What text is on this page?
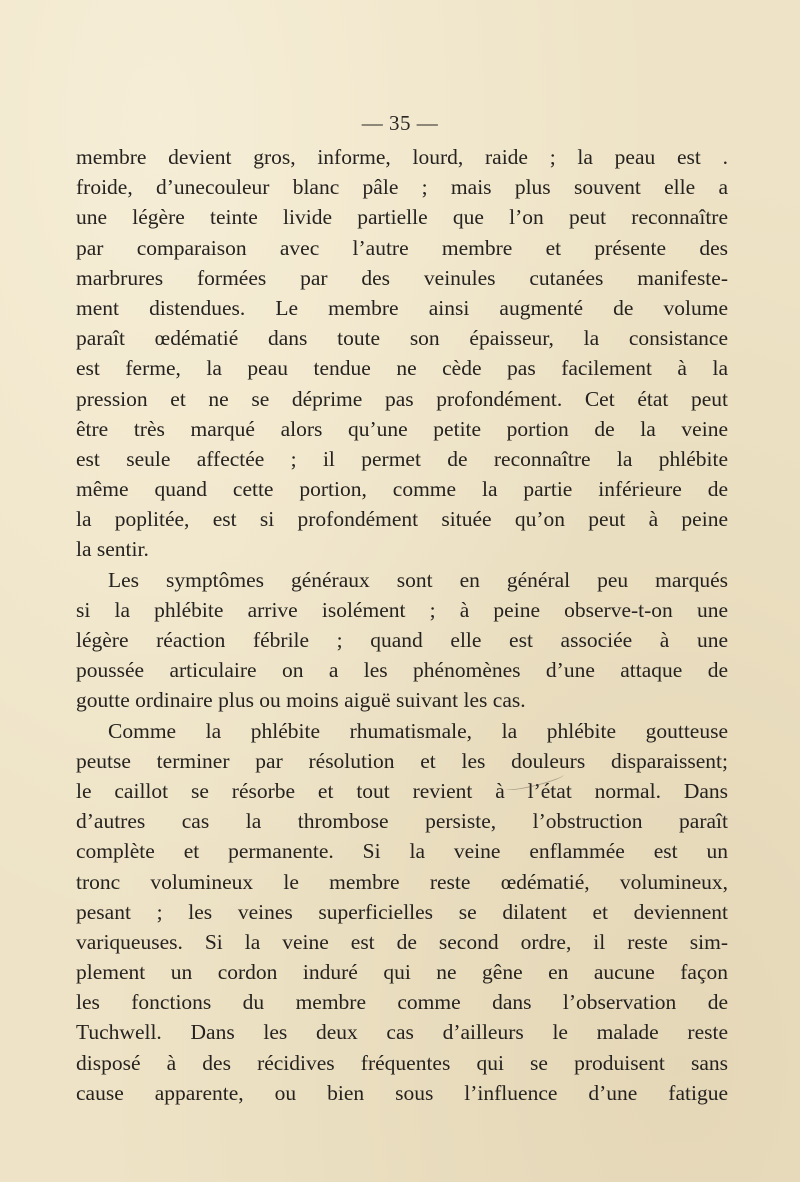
— 35 —
membre devient gros, informe, lourd, raide ; la peau est .
froide, d’unecouleur blanc pâle ; mais plus souvent elle a
une légère teinte livide partielle que l’on peut reconnaître
par comparaison avec l’autre membre et présente des
marbrures formées par des veinules cutanées manifeste-
ment distendues. Le membre ainsi augmenté de volume
paraît œdématié dans toute son épaisseur, la consistance
est ferme, la peau tendue ne cède pas facilement à la
pression et ne se déprime pas profondément. Cet état peut
être très marqué alors qu’une petite portion de la veine
est seule affectée ; il permet de reconnaître la phlébite
même quand cette portion, comme la partie inférieure de
la poplitée, est si profondément située qu’on peut à peine
la sentir.
Les symptômes généraux sont en général peu marqués
si la phlébite arrive isolément ; à peine observe-t-on une
légère réaction fébrile ; quand elle est associée à une
poussée articulaire on a les phénomènes d’une attaque de
goutte ordinaire plus ou moins aiguë suivant les cas.
Comme la phlébite rhumatismale, la phlébite goutteuse
peutse terminer par résolution et les douleurs disparaissent;
le caillot se résorbe et tout revient à l’état normal. Dans
d’autres cas la thrombose persiste, l’obstruction paraît
complète et permanente. Si la veine enflammée est un
tronc volumineux le membre reste œdématié, volumineux,
pesant ; les veines superficielles se dilatent et deviennent
variqueuses. Si la veine est de second ordre, il reste sim-
plement un cordon induré qui ne gêne en aucune façon
les fonctions du membre comme dans l’observation de
Tuchwell. Dans les deux cas d’ailleurs le malade reste
disposé à des récidives fréquentes qui se produisent sans
cause apparente, ou bien sous l’influence d’une fatigue
